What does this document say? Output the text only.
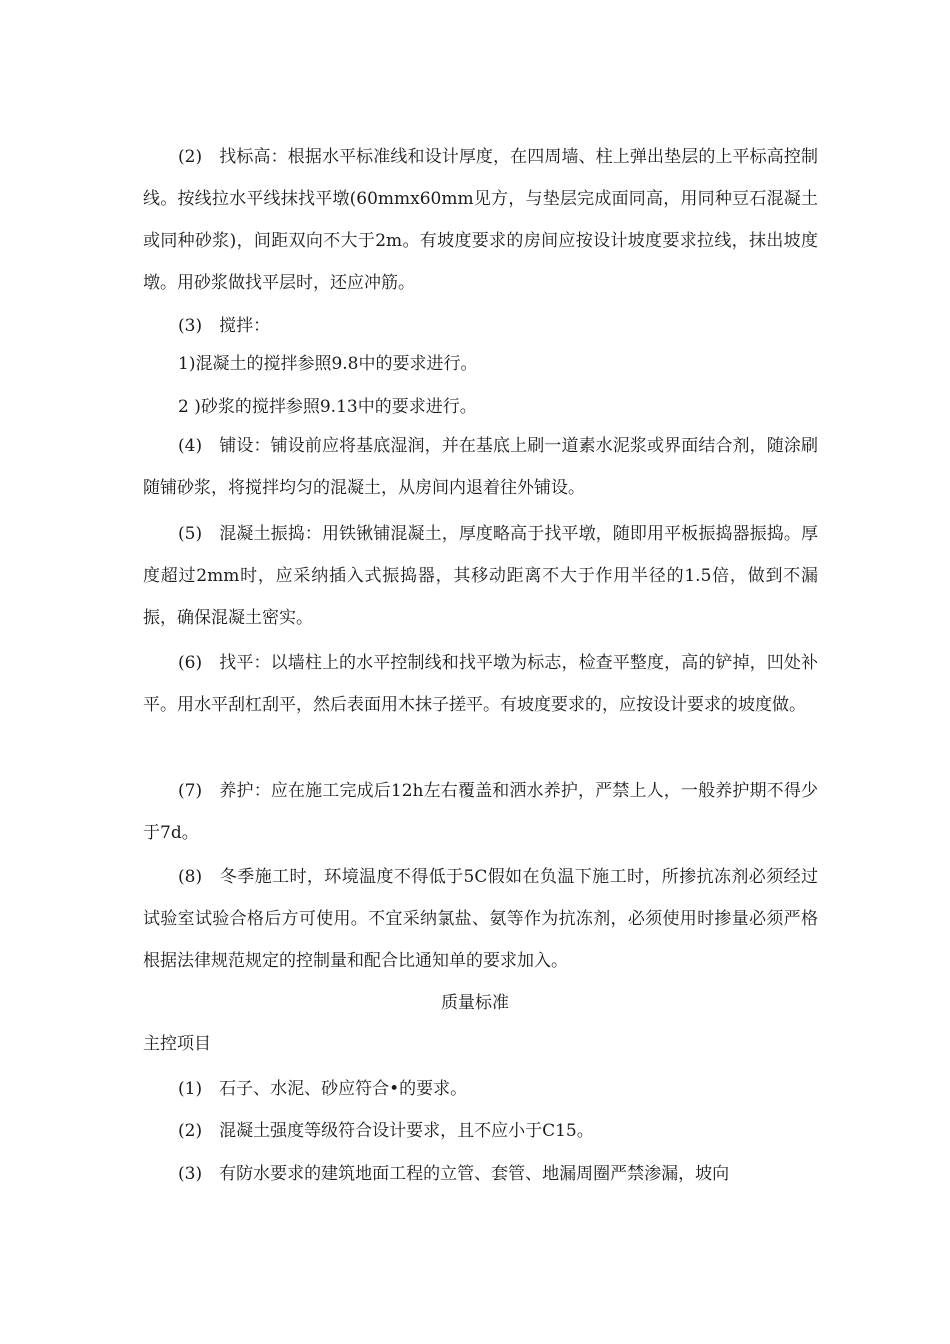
(2)　找标高：根据水平标准线和设计厚度，在四周墙、柱上弹出垫层的上平标高控制线。按线拉水平线抹找平墩(60mmx60mm见方，与垫层完成面同高，用同种豆石混凝土或同种砂浆)，间距双向不大于2m。有坡度要求的房间应按设计坡度要求拉线，抹出坡度墩。用砂浆做找平层时，还应冲筋。

(3)　搅拌：

1)混凝土的搅拌参照9.8中的要求进行。

2 )砂浆的搅拌参照9.13中的要求进行。

(4)　铺设：铺设前应将基底湿润，并在基底上刷一道素水泥浆或界面结合剂，随涂刷随铺砂浆，将搅拌均匀的混凝土，从房间内退着往外铺设。

(5)　混凝土振捣：用铁锹铺混凝土，厚度略高于找平墩，随即用平板振捣器振捣。厚度超过2mm时，应采纳插入式振捣器，其移动距离不大于作用半径的1.5倍，做到不漏振，确保混凝土密实。

(6)　找平：以墙柱上的水平控制线和找平墩为标志，检查平整度，高的铲掉，凹处补平。用水平刮杠刮平，然后表面用木抹子搓平。有坡度要求的，应按设计要求的坡度做。

(7)　养护：应在施工完成后12h左右覆盖和洒水养护，严禁上人，一般养护期不得少于7d。

(8)　冬季施工时，环境温度不得低于5C假如在负温下施工时，所掺抗冻剂必须经过试验室试验合格后方可使用。不宜采纳氯盐、氨等作为抗冻剂，必须使用时掺量必须严格根据法律规范规定的控制量和配合比通知单的要求加入。

质量标准

主控项目

(1)　石子、水泥、砂应符合•的要求。

(2)　混凝土强度等级符合设计要求，且不应小于C15。

(3)　有防水要求的建筑地面工程的立管、套管、地漏周圈严禁渗漏，坡向
